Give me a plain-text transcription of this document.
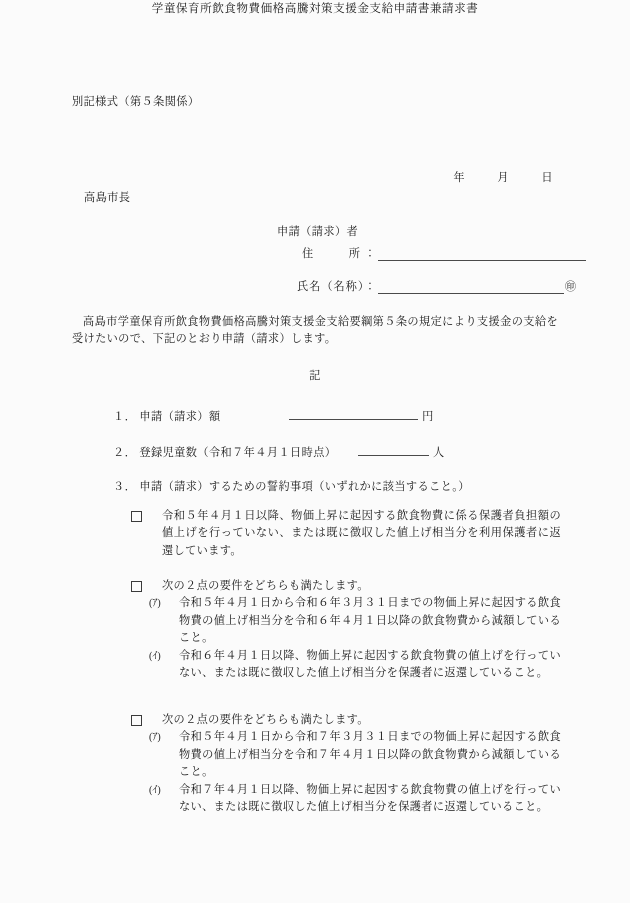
別記様式（第５条関係）
学童保育所飲食物費価格高騰対策支援金支給申請書兼請求書
年	月	日
高島市長
申請（請求）者
住　　所：
氏名（名称）：	㊞
高島市学童保育所飲食物費価格高騰対策支援金支給要綱第５条の規定により支援金の支給を受けたいので、下記のとおり申請（請求）します。
記
１． 申請（請求）額	円
２． 登録児童数（令和７年４月１日時点）	人
３． 申請（請求）するための誓約事項（いずれかに該当すること。）
令和５年４月１日以降、物価上昇に起因する飲食物費に係る保護者負担額の値上げを行っていない、または既に徴収した値上げ相当分を利用保護者に返還しています。
次の２点の要件をどちらも満たします。
(ｱ) 令和５年４月１日から令和６年３月３１日までの物価上昇に起因する飲食物費の値上げ相当分を令和６年４月１日以降の飲食物費から減額していること。
(ｲ) 令和６年４月１日以降、物価上昇に起因する飲食物費の値上げを行っていない、または既に徴収した値上げ相当分を保護者に返還していること。
次の２点の要件をどちらも満たします。
(ｱ) 令和５年４月１日から令和７年３月３１日までの物価上昇に起因する飲食物費の値上げ相当分を令和７年４月１日以降の飲食物費から減額していること。
(ｲ) 令和７年４月１日以降、物価上昇に起因する飲食物費の値上げを行っていない、または既に徴収した値上げ相当分を保護者に返還していること。
